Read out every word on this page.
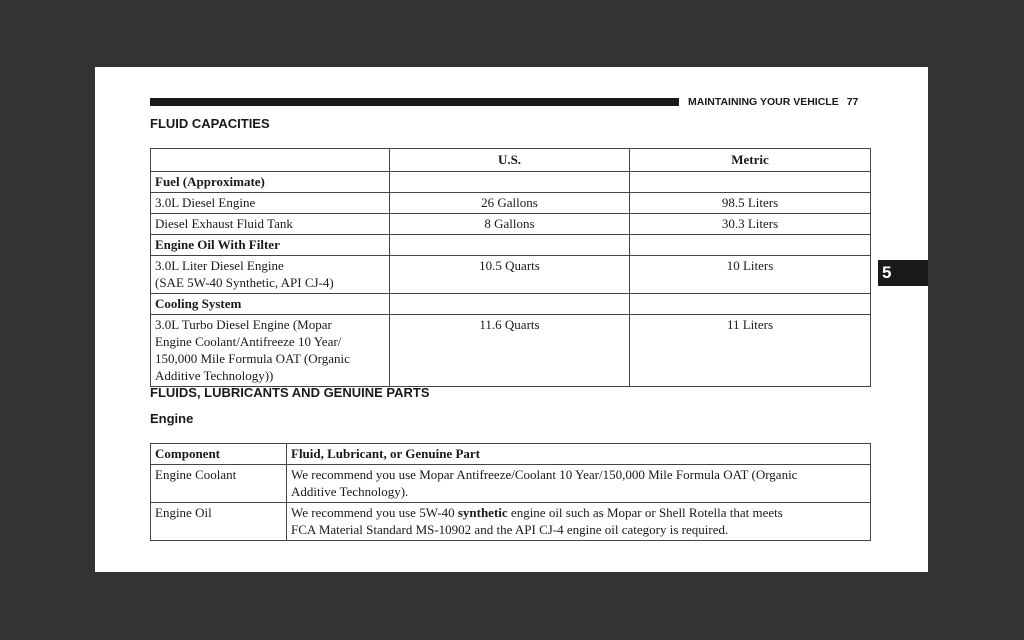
MAINTAINING YOUR VEHICLE 77
FLUID CAPACITIES
	U.S.	Metric
Fuel (Approximate)		
3.0L Diesel Engine	26 Gallons	98.5 Liters
Diesel Exhaust Fluid Tank	8 Gallons	30.3 Liters
Engine Oil With Filter		
3.0L Liter Diesel Engine
(SAE 5W-40 Synthetic, API CJ-4)	10.5 Quarts	10 Liters
Cooling System		
3.0L Turbo Diesel Engine (Mopar
Engine Coolant/Antifreeze 10 Year/
150,000 Mile Formula OAT (Organic
Additive Technology))	11.6 Quarts	11 Liters
FLUIDS, LUBRICANTS AND GENUINE PARTS
Engine
Component	Fluid, Lubricant, or Genuine Part
Engine Coolant	We recommend you use Mopar Antifreeze/Coolant 10 Year/150,000 Mile Formula OAT (Organic
Additive Technology).
Engine Oil	We recommend you use 5W-40 synthetic engine oil such as Mopar or Shell Rotella that meets
FCA Material Standard MS-10902 and the API CJ-4 engine oil category is required.
5
